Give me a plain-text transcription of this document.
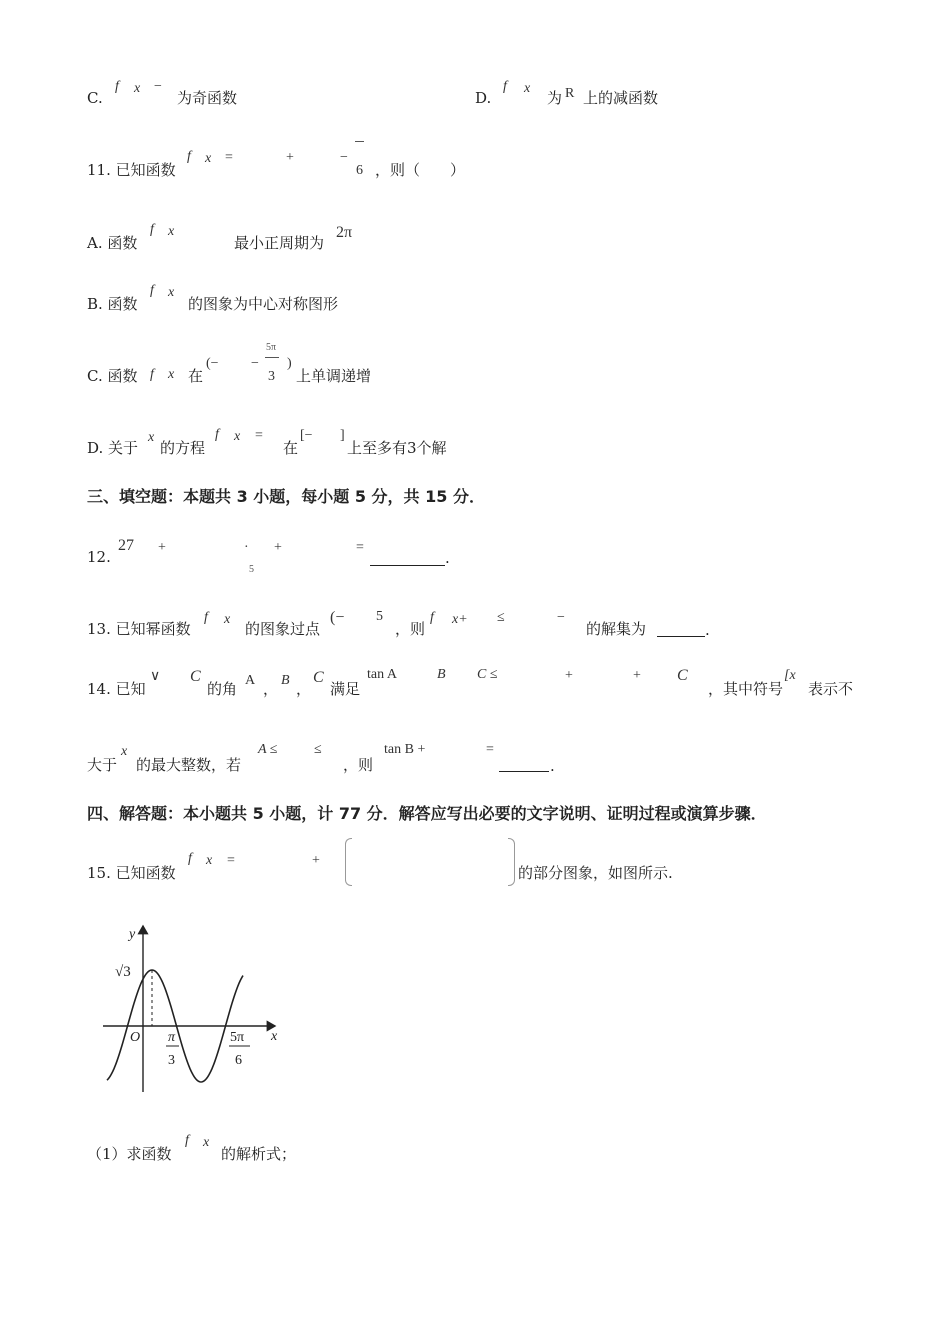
C.
f x −
为奇函数	D.
f x
为 R 上的减函数
11. 已知函数
f x =	+	−
6 ，则（　　）
A. 函数
f x
最小正周期为
2π
B. 函数
f x
的图象为中心对称图形
C. 函数 f x 在
(− −
5π
3
)
上单调递增
D. 关于
x
的方程
f x =
在
[− ]
上至多有3个解
三、填空题：本题共 3 小题，每小题 5 分，共 15 分．
12.
27 +	·
5
+	=
.
13. 已知幂函数
f x
的图象过点
(− 5
，则
f x+ ≤	−
的解集为	.
14. 已知
∨ C
的角 A ， B ，
C
满足
tan A	B C ≤	+	+ C
，其中符号
[x
表示不
大于
x
的最大整数，若
A ≤	≤
，则
tan B +	=
.
四、解答题：本小题共 5 小题，计 77 分．解答应写出必要的文字说明、证明过程或演算步骤．
15. 已知函数
f x =	+
的部分图象，如图所示.
y
x
O
√3
π
3
5π
6
（1）求函数
f x
的解析式；
